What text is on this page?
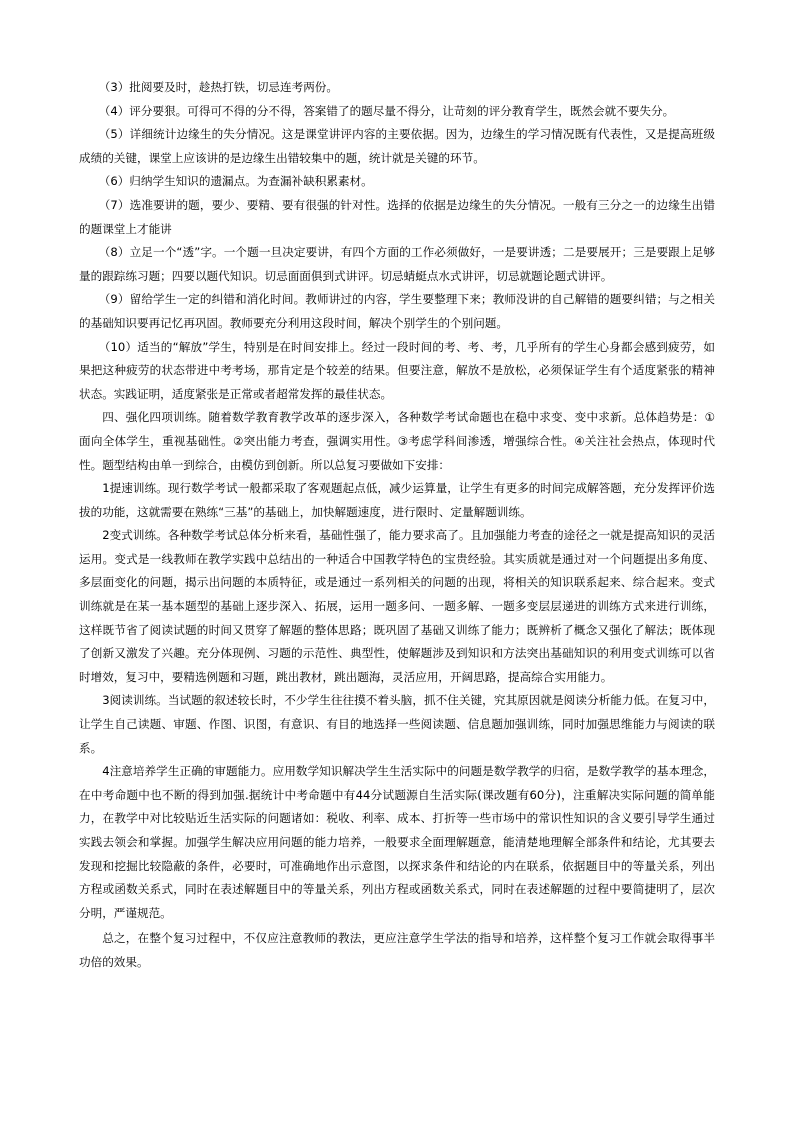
（3）批阅要及时，趁热打铁，切忌连考两份。

（4）评分要狠。可得可不得的分不得，答案错了的题尽量不得分，让苛刻的评分教育学生，既然会就不要失分。

（5）详细统计边缘生的失分情况。这是课堂讲评内容的主要依据。因为，边缘生的学习情况既有代表性，又是提高班级成绩的关键，课堂上应该讲的是边缘生出错较集中的题，统计就是关键的环节。

（6）归纳学生知识的遗漏点。为查漏补缺积累素材。

（7）选准要讲的题，要少、要精、要有很强的针对性。选择的依据是边缘生的失分情况。一般有三分之一的边缘生出错的题课堂上才能讲

（8）立足一个“透”字。一个题一旦决定要讲，有四个方面的工作必须做好，一是要讲透；二是要展开；三是要跟上足够量的跟踪练习题；四要以题代知识。切忌面面俱到式讲评。切忌蜻蜓点水式讲评，切忌就题论题式讲评。

（9）留给学生一定的纠错和消化时间。教师讲过的内容，学生要整理下来；教师没讲的自己解错的题要纠错；与之相关的基础知识要再记忆再巩固。教师要充分利用这段时间，解决个别学生的个别问题。

（10）适当的“解放”学生，特别是在时间安排上。经过一段时间的考、考、考，几乎所有的学生心身都会感到疲劳，如果把这种疲劳的状态带进中考考场，那肯定是个较差的结果。但要注意，解放不是放松，必须保证学生有个适度紧张的精神状态。实践证明，适度紧张是正常或者超常发挥的最佳状态。

四、强化四项训练。随着数学教育教学改革的逐步深入，各种数学考试命题也在稳中求变、变中求新。总体趋势是：①面向全体学生，重视基础性。②突出能力考查，强调实用性。③考虑学科间渗透，增强综合性。④关注社会热点，体现时代性。题型结构由单一到综合，由模仿到创新。所以总复习要做如下安排：

1提速训练。现行数学考试一般都采取了客观题起点低，减少运算量，让学生有更多的时间完成解答题，充分发挥评价选拔的功能，这就需要在熟练“三基”的基础上，加快解题速度，进行限时、定量解题训练。

2变式训练。各种数学考试总体分析来看，基础性强了，能力要求高了。且加强能力考查的途径之一就是提高知识的灵活运用。变式是一线教师在教学实践中总结出的一种适合中国教学特色的宝贵经验。其实质就是通过对一个问题提出多角度、多层面变化的问题，揭示出问题的本质特征，或是通过一系列相关的问题的出现，将相关的知识联系起来、综合起来。变式训练就是在某一基本题型的基础上逐步深入、拓展，运用一题多问、一题多解、一题多变层层递进的训练方式来进行训练，这样既节省了阅读试题的时间又贯穿了解题的整体思路；既巩固了基础又训练了能力；既辨析了概念又强化了解法；既体现了创新又激发了兴趣。充分体现例、习题的示范性、典型性，使解题涉及到知识和方法突出基础知识的利用变式训练可以省时增效，复习中，要精选例题和习题，跳出教材，跳出题海，灵活应用，开阔思路，提高综合实用能力。

3阅读训练。当试题的叙述较长时，不少学生往往摸不着头脑，抓不住关键，究其原因就是阅读分析能力低。在复习中，让学生自己读题、审题、作图、识图，有意识、有目的地选择一些阅读题、信息题加强训练，同时加强思维能力与阅读的联系。

4注意培养学生正确的审题能力。应用数学知识解决学生生活实际中的问题是数学教学的归宿，是数学教学的基本理念，在中考命题中也不断的得到加强.据统计中考命题中有44分试题源自生活实际(课改题有60分)，注重解决实际问题的简单能力，在教学中对比较贴近生活实际的问题诸如：税收、利率、成本、打折等一些市场中的常识性知识的含义要引导学生通过实践去领会和掌握。加强学生解决应用问题的能力培养，一般要求全面理解题意，能清楚地理解全部条件和结论，尤其要去发现和挖掘比较隐蔽的条件，必要时，可准确地作出示意图，以探求条件和结论的内在联系，依据题目中的等量关系，列出方程或函数关系式，同时在表述解题目中的等量关系，列出方程或函数关系式，同时在表述解题的过程中要简捷明了，层次分明，严谨规范。

总之，在整个复习过程中，不仅应注意教师的教法，更应注意学生学法的指导和培养，这样整个复习工作就会取得事半功倍的效果。
